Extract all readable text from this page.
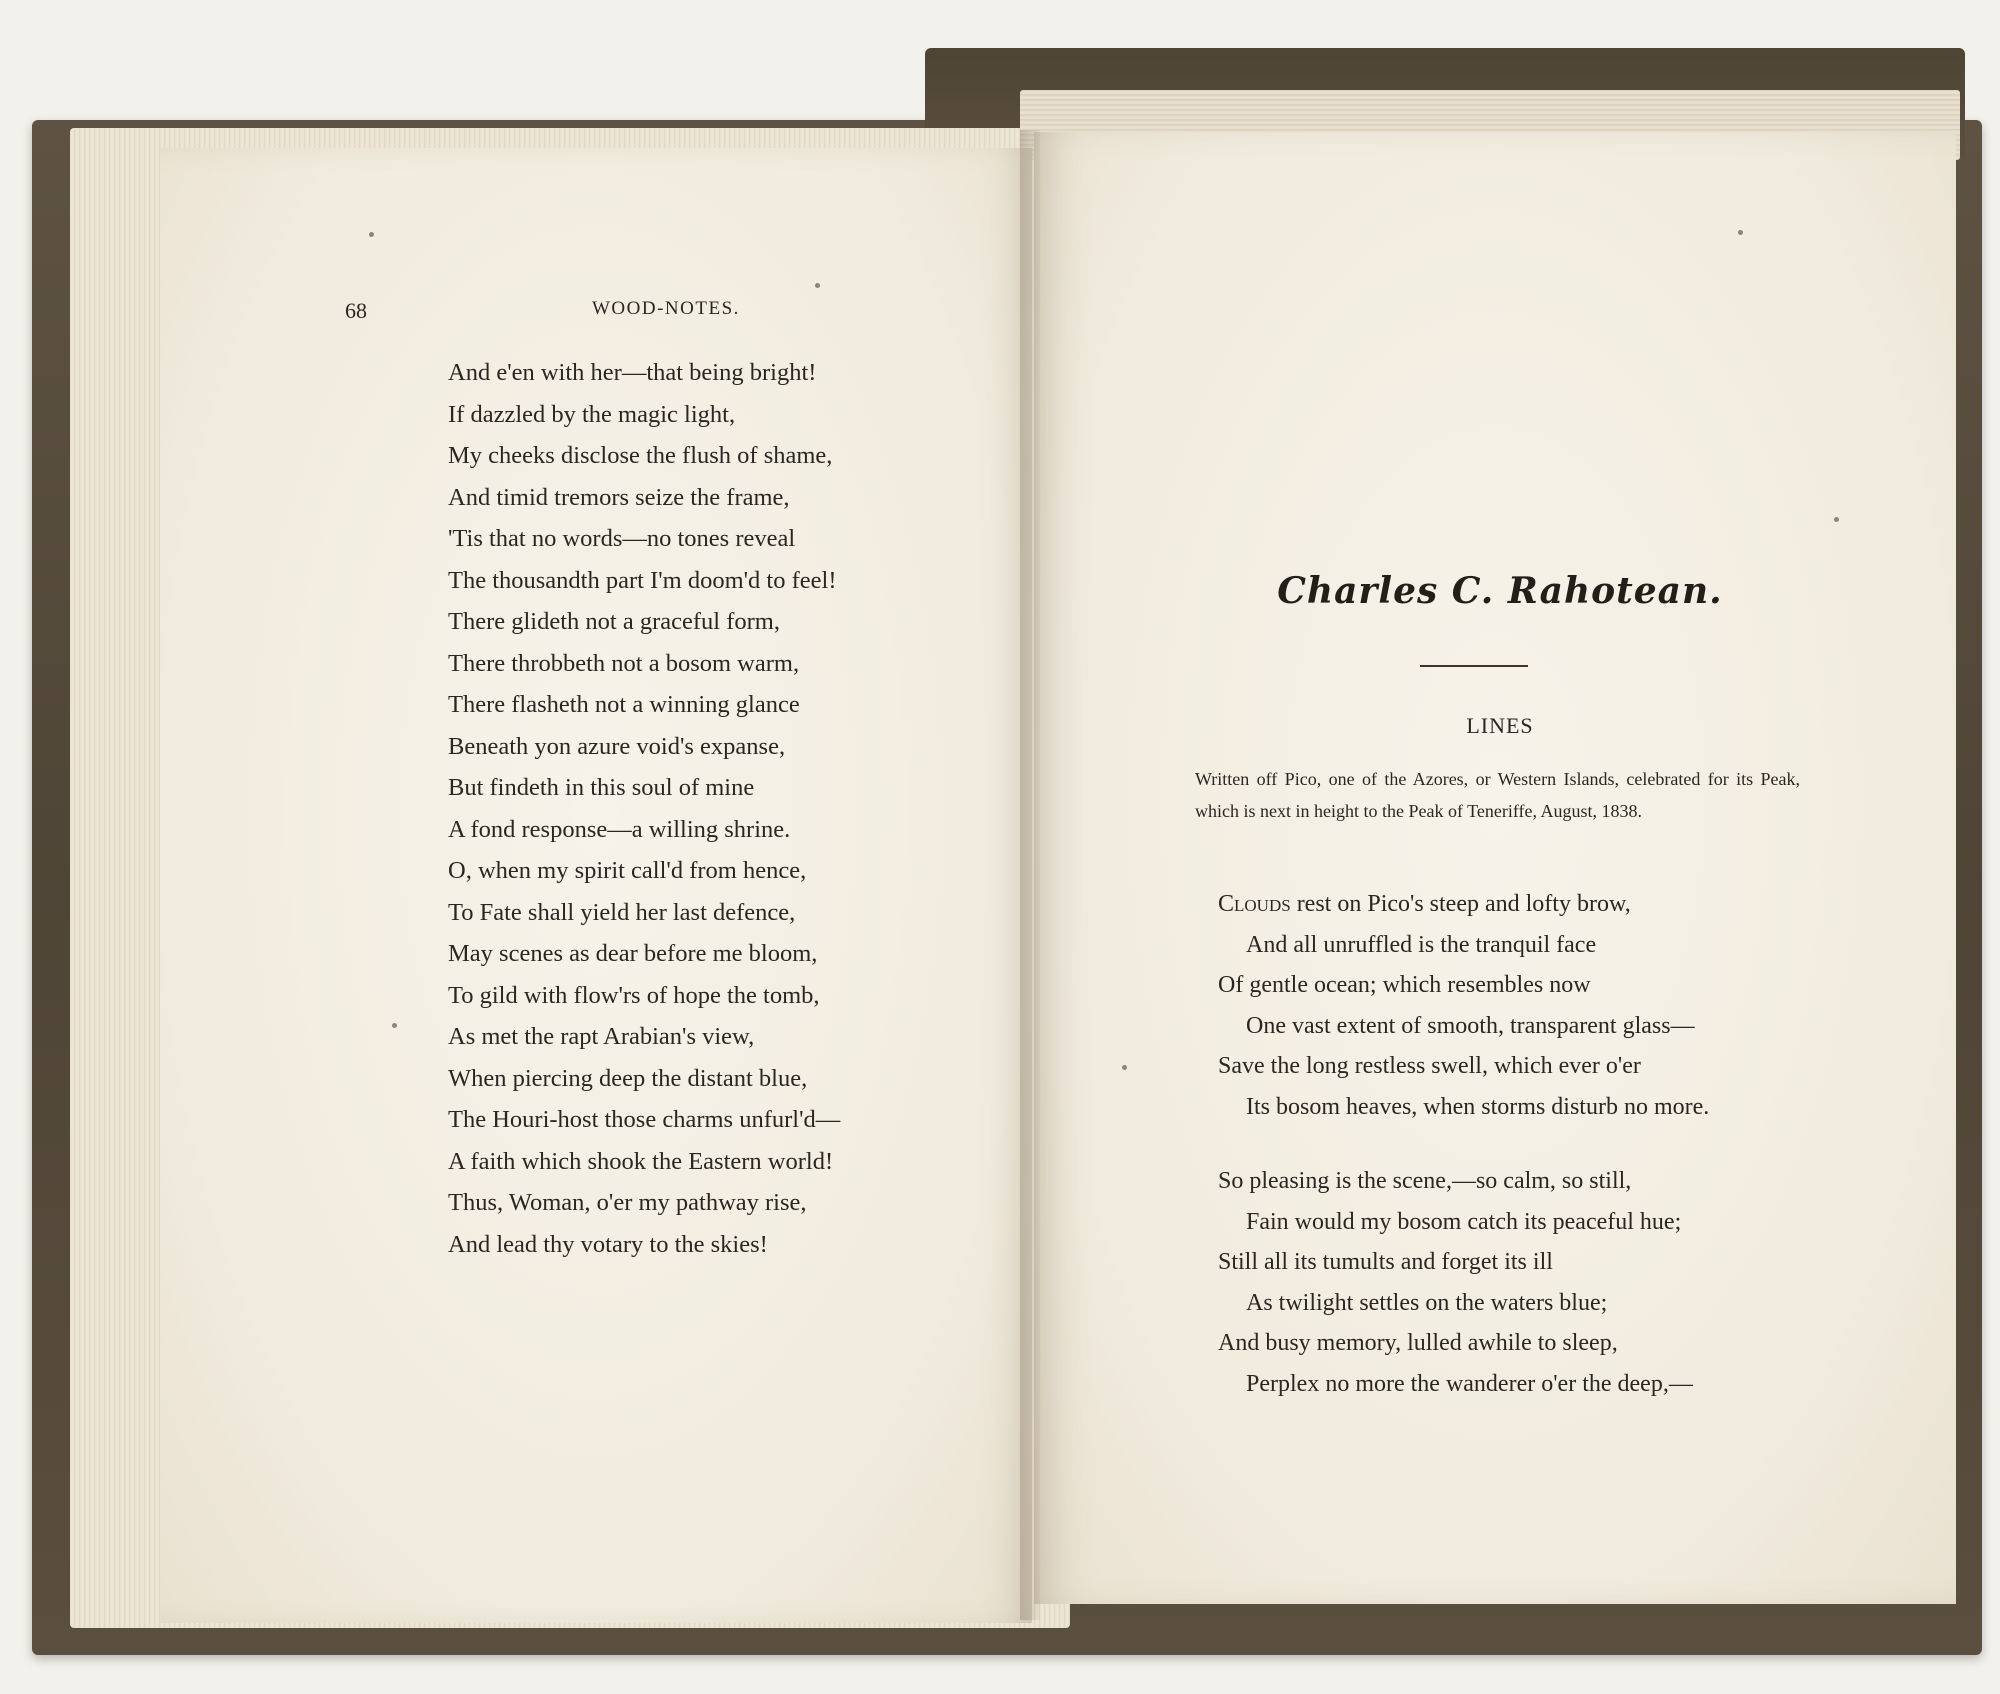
68	WOOD-NOTES.
And e'en with her—that being bright!
If dazzled by the magic light,
My cheeks disclose the flush of shame,
And timid tremors seize the frame,
'Tis that no words—no tones reveal
The thousandth part I'm doom'd to feel!
There glideth not a graceful form,
There throbbeth not a bosom warm,
There flasheth not a winning glance
Beneath yon azure void's expanse,
But findeth in this soul of mine
A fond response—a willing shrine.
O, when my spirit call'd from hence,
To Fate shall yield her last defence,
May scenes as dear before me bloom,
To gild with flow'rs of hope the tomb,
As met the rapt Arabian's view,
When piercing deep the distant blue,
The Houri-host those charms unfurl'd—
A faith which shook the Eastern world!
Thus, Woman, o'er my pathway rise,
And lead thy votary to the skies!
Charles C. Rahotean.
LINES
Written off Pico, one of the Azores, or Western Islands, celebrated for its Peak, which is next in height to the Peak of Teneriffe, August, 1838.
Clouds rest on Pico's steep and lofty brow,
And all unruffled is the tranquil face
Of gentle ocean; which resembles now
One vast extent of smooth, transparent glass—
Save the long restless swell, which ever o'er
Its bosom heaves, when storms disturb no more.
So pleasing is the scene,—so calm, so still,
Fain would my bosom catch its peaceful hue;
Still all its tumults and forget its ill
As twilight settles on the waters blue;
And busy memory, lulled awhile to sleep,
Perplex no more the wanderer o'er the deep,—
